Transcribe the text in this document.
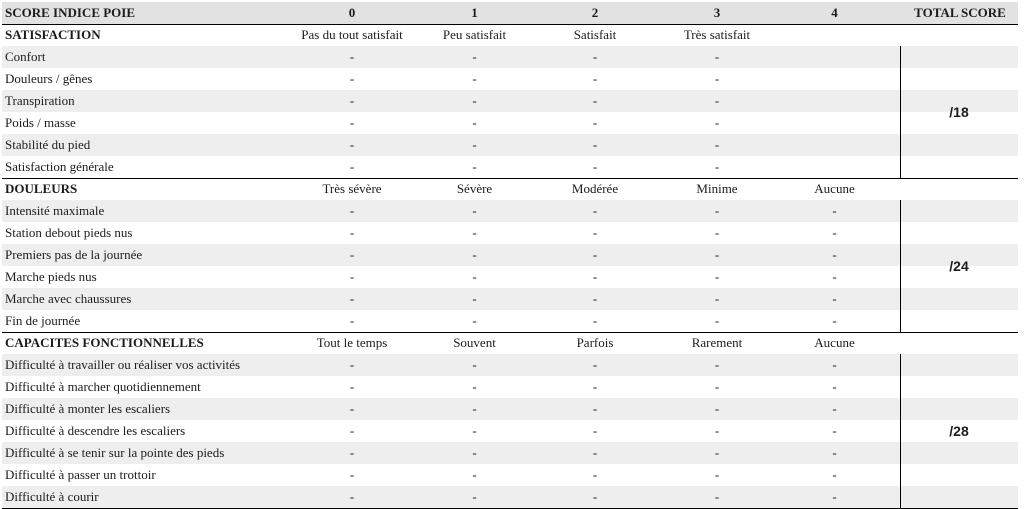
SCORE INDICE POIE	0	1	2	3	4	TOTAL SCORE
SATISFACTION	Pas du tout satisfait	Peu satisfait	Satisfait	Très satisfait
Confort	-	-	-	-
Douleurs / gênes	-	-	-	-
Transpiration	-	-	-	-
Poids / masse	-	-	-	-
Stabilité du pied	-	-	-	-
Satisfaction générale	-	-	-	-
/18
DOULEURS	Très sévère	Sévère	Modérée	Minime	Aucune
Intensité maximale	-	-	-	-	-
Station debout pieds nus	-	-	-	-	-
Premiers pas de la journée	-	-	-	-	-
Marche pieds nus	-	-	-	-	-
Marche avec chaussures	-	-	-	-	-
Fin de journée	-	-	-	-	-
/24
CAPACITES FONCTIONNELLES	Tout le temps	Souvent	Parfois	Rarement	Aucune
Difficulté à travailler ou réaliser vos activités	-	-	-	-	-
Difficulté à marcher quotidiennement	-	-	-	-	-
Difficulté à monter les escaliers	-	-	-	-	-
Difficulté à descendre les escaliers	-	-	-	-	-
Difficulté à se tenir sur la pointe des pieds	-	-	-	-	-
Difficulté à passer un trottoir	-	-	-	-	-
Difficulté à courir	-	-	-	-	-
/28
